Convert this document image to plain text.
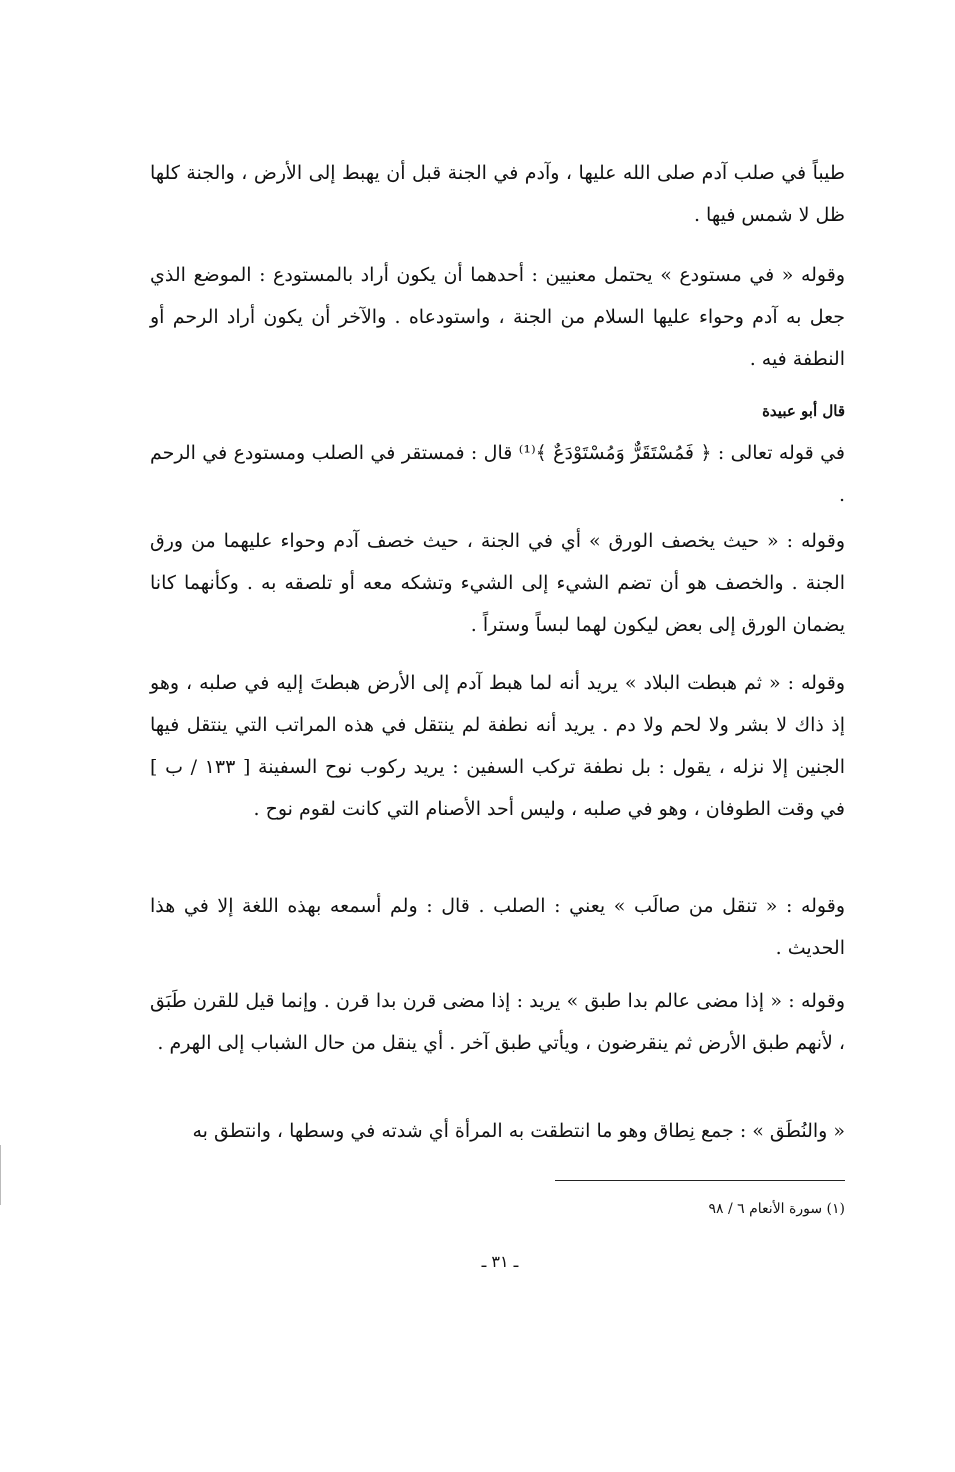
طيباً في صلب آدم صلى الله عليها ، وآدم في الجنة قبل أن يهبط إلى الأرض ، والجنة كلها ظل لا شمس فيها .

وقوله « في مستودع » يحتمل معنيين : أحدهما أن يكون أراد بالمستودع : الموضع الذي جعل به آدم وحواء عليها السلام من الجنة ، واستودعاه . والآخر أن يكون أراد الرحم أو النطفة فيه .

قال أبو عبيدة

في قوله تعالى : ﴿ فَمُسْتَقَرٌّ وَمُسْتَوْدَعٌ ﴾⁽¹⁾ قال : فمستقر في الصلب ومستودع في الرحم .

وقوله : « حيث يخصف الورق » أي في الجنة ، حيث خصف آدم وحواء عليهما من ورق الجنة . والخصف هو أن تضم الشيء إلى الشيء وتشكه معه أو تلصقه به . وكأنهما كانا يضمان الورق إلى بعض ليكون لهما لبساً وستراً .

وقوله : « ثم هبطت البلاد » يريد أنه لما هبط آدم إلى الأرض هبطتَ إليه في صلبه ، وهو إذ ذاك لا بشر ولا لحم ولا دم . يريد أنه نطفة لم ينتقل في هذه المراتب التي ينتقل فيها الجنين إلا نزله ، يقول : بل نطفة تركب السفين : يريد ركوب نوح السفينة [ ١٣٣ / ب ] في وقت الطوفان ، وهو في صلبه ، وليس أحد الأصنام التي كانت لقوم نوح .

وقوله : « تنقل من صالَب » يعني : الصلب . قال : ولم أسمعه بهذه اللغة إلا في هذا الحديث .

وقوله : « إذا مضى عالم بدا طبق » يريد : إذا مضى قرن بدا قرن . وإنما قيل للقرن طَبَق ، لأنهم طبق الأرض ثم ينقرضون ، ويأتي طبق آخر . أي ينقل من حال الشباب إلى الهرم .

« والنُطَق » : جمع نِطاق وهو ما انتطقت به المرأة أي شدته في وسطها ، وانتطق به

(١) سورة الأنعام ٦ / ٩٨
ـ ٣١ ـ
